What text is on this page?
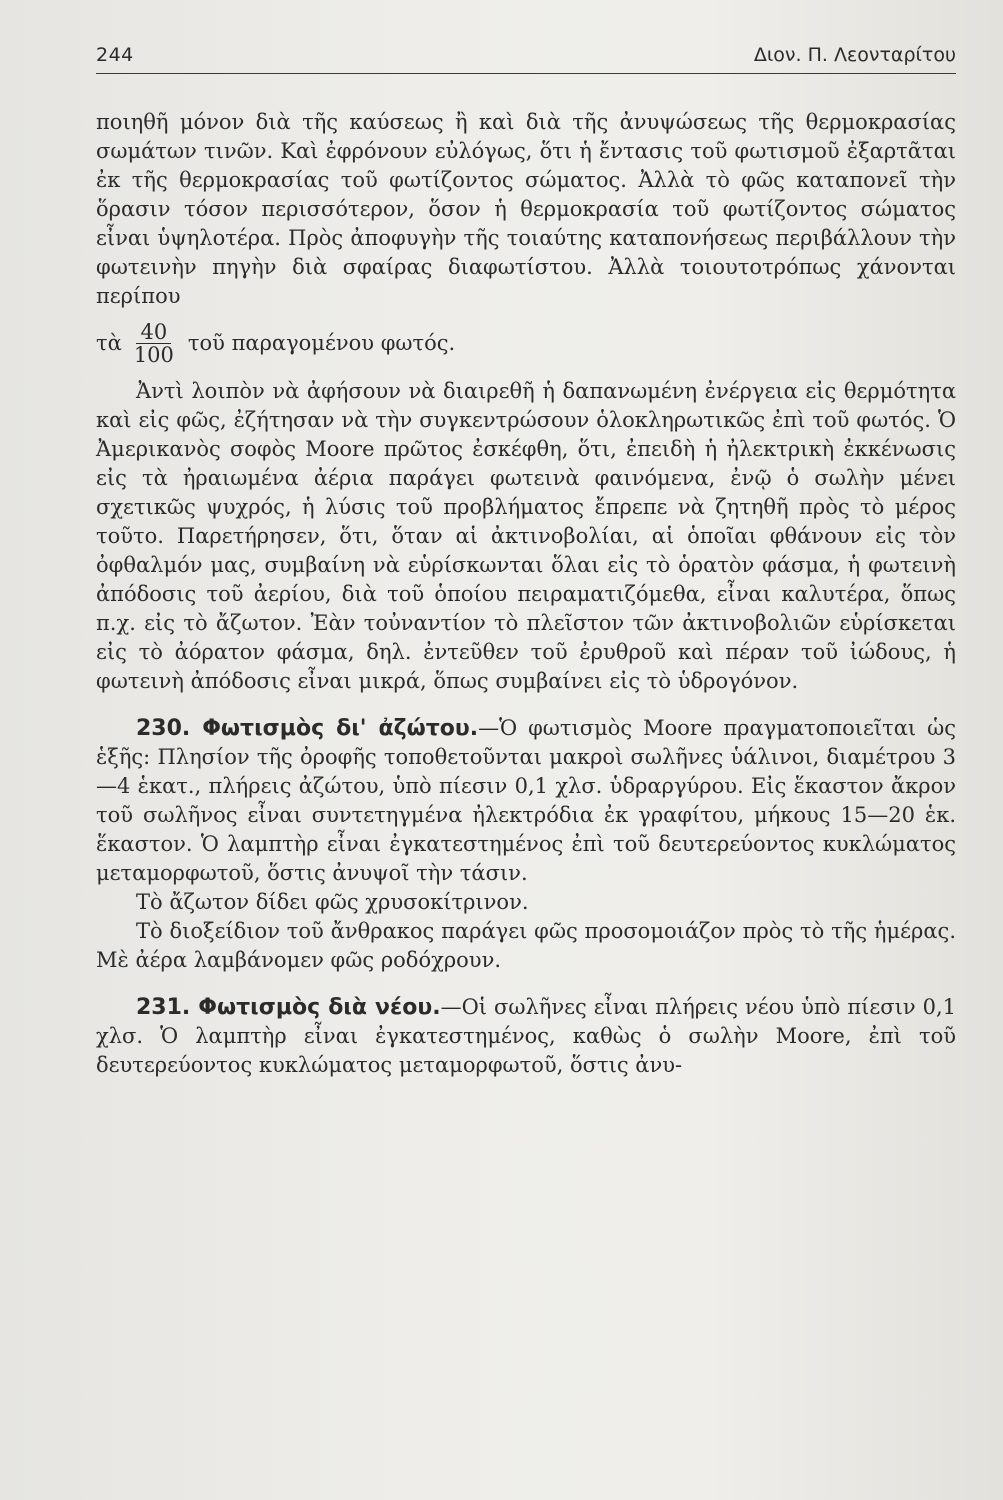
244	Διον. Π. Λεονταρίτου

ποιηθῆ μόνον διὰ τῆς καύσεως ἢ καὶ διὰ τῆς ἀνυψώσεως τῆς θερμοκρασίας σωμάτων τινῶν. Καὶ ἐφρόνουν εὐλόγως, ὅτι ἡ ἔντασις τοῦ φωτισμοῦ ἐξαρτᾶται ἐκ τῆς θερμοκρασίας τοῦ φωτίζοντος σώματος. Ἀλλὰ τὸ φῶς καταπονεῖ τὴν ὅρασιν τόσον περισσότερον, ὅσον ἡ θερμοκρασία τοῦ φωτίζοντος σώματος εἶναι ὑψηλοτέρα. Πρὸς ἀποφυγὴν τῆς τοιαύτης καταπονήσεως περιβάλλουν τὴν φωτεινὴν πηγὴν διὰ σφαίρας διαφωτίστου. Ἀλλὰ τοιουτοτρόπως χάνονται περίπου

τὰ $\frac{40}{100}$ τοῦ παραγομένου φωτός.

Ἀντὶ λοιπὸν νὰ ἀφήσουν νὰ διαιρεθῆ ἡ δαπανωμένη ἐνέργεια εἰς θερμότητα καὶ εἰς φῶς, ἐζήτησαν νὰ τὴν συγκεντρώσουν ὁλοκληρωτικῶς ἐπὶ τοῦ φωτός. Ὁ Ἀμερικανὸς σοφὸς Moore πρῶτος ἐσκέφθη, ὅτι, ἐπειδὴ ἡ ἠλεκτρικὴ ἐκκένωσις εἰς τὰ ἠραιωμένα ἀέρια παράγει φωτεινὰ φαινόμενα, ἐνῷ ὁ σωλὴν μένει σχετικῶς ψυχρός, ἡ λύσις τοῦ προβλήματος ἔπρεπε νὰ ζητηθῆ πρὸς τὸ μέρος τοῦτο. Παρετήρησεν, ὅτι, ὅταν αἱ ἀκτινοβολίαι, αἱ ὁποῖαι φθάνουν εἰς τὸν ὀφθαλμόν μας, συμβαίνη νὰ εὑρίσκωνται ὅλαι εἰς τὸ ὁρατὸν φάσμα, ἡ φωτεινὴ ἀπόδοσις τοῦ ἀερίου, διὰ τοῦ ὁποίου πειραματιζόμεθα, εἶναι καλυτέρα, ὅπως π.χ. εἰς τὸ ἄζωτον. Ἐὰν τοὐναντίον τὸ πλεῖστον τῶν ἀκτινοβολιῶν εὑρίσκεται εἰς τὸ ἀόρατον φάσμα, δηλ. ἐντεῦθεν τοῦ ἐρυθροῦ καὶ πέραν τοῦ ἰώδους, ἡ φωτεινὴ ἀπόδοσις εἶναι μικρά, ὅπως συμβαίνει εἰς τὸ ὑδρογόνον.

230. Φωτισμὸς δι' ἀζώτου.—Ὁ φωτισμὸς Moore πραγματοποιεῖται ὡς ἑξῆς: Πλησίον τῆς ὀροφῆς τοποθετοῦνται μακροὶ σωλῆνες ὑάλινοι, διαμέτρου 3—4 ἑκατ., πλήρεις ἀζώτου, ὑπὸ πίεσιν 0,1 χλσ. ὑδραργύρου. Εἰς ἕκαστον ἄκρον τοῦ σωλῆνος εἶναι συντετηγμένα ἠλεκτρόδια ἐκ γραφίτου, μήκους 15—20 ἑκ. ἕκαστον. Ὁ λαμπτὴρ εἶναι ἐγκατεστημένος ἐπὶ τοῦ δευτερεύοντος κυκλώματος μεταμορφωτοῦ, ὅστις ἀνυψοῖ τὴν τάσιν.

Τὸ ἄζωτον δίδει φῶς χρυσοκίτρινον.

Τὸ διοξείδιον τοῦ ἄνθρακος παράγει φῶς προσομοιάζον πρὸς τὸ τῆς ἡμέρας. Μὲ ἀέρα λαμβάνομεν φῶς ροδόχρουν.

231. Φωτισμὸς διὰ νέου.—Οἱ σωλῆνες εἶναι πλήρεις νέου ὑπὸ πίεσιν 0,1 χλσ. Ὁ λαμπτὴρ εἶναι ἐγκατεστημένος, καθὼς ὁ σωλὴν Moore, ἐπὶ τοῦ δευτερεύοντος κυκλώματος μεταμορφωτοῦ, ὅστις ἀνυ-
